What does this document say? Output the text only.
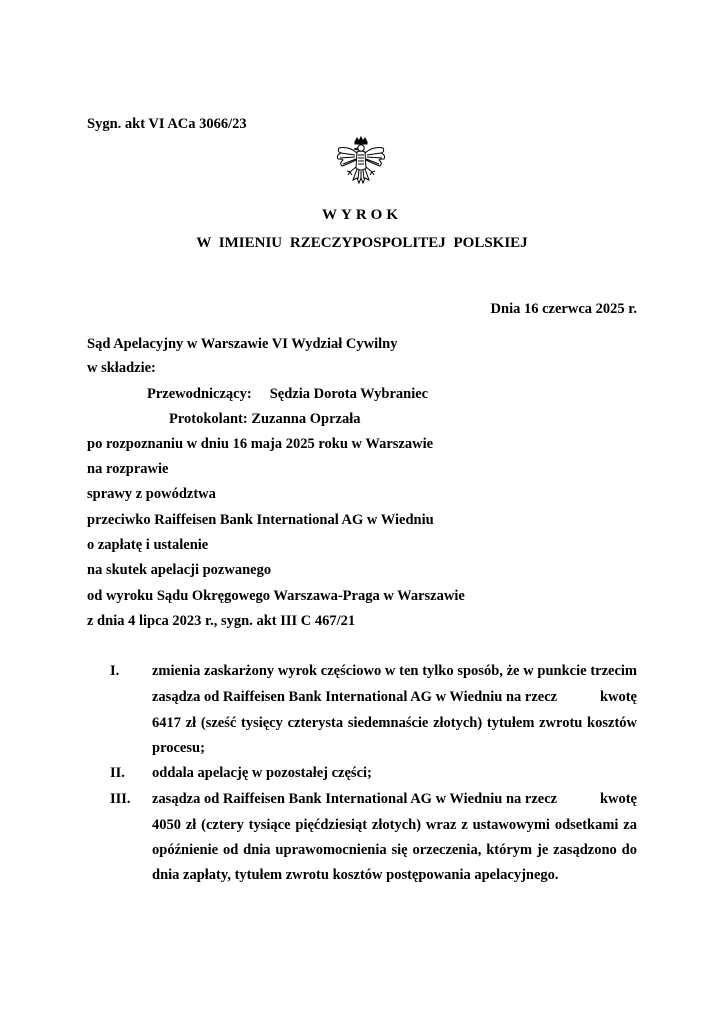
Sygn. akt VI ACa 3066/23
WYROK
W IMIENIU RZECZYPOSPOLITEJ POLSKIEJ
Dnia 16 czerwca 2025 r.
Sąd Apelacyjny w Warszawie VI Wydział Cywilny
w składzie:
Przewodniczący: Sędzia Dorota Wybraniec
Protokolant: Zuzanna Oprzała
po rozpoznaniu w dniu 16 maja 2025 roku w Warszawie
na rozprawie
sprawy z powództwa
przeciwko Raiffeisen Bank International AG w Wiedniu
o zapłatę i ustalenie
na skutek apelacji pozwanego
od wyroku Sądu Okręgowego Warszawa-Praga w Warszawie
z dnia 4 lipca 2023 r., sygn. akt III C 467/21
I. zmienia zaskarżony wyrok częściowo w ten tylko sposób, że w punkcie trzecim
zasądza od Raiffeisen Bank International AG w Wiedniu na rzecz	kwotę
6417 zł (sześć tysięcy czterysta siedemnaście złotych) tytułem zwrotu kosztów
procesu;
II. oddala apelację w pozostałej części;
III. zasądza od Raiffeisen Bank International AG w Wiedniu na rzecz	kwotę
4050 zł (cztery tysiące pięćdziesiąt złotych) wraz z ustawowymi odsetkami za
opóźnienie od dnia uprawomocnienia się orzeczenia, którym je zasądzono do
dnia zapłaty, tytułem zwrotu kosztów postępowania apelacyjnego.
